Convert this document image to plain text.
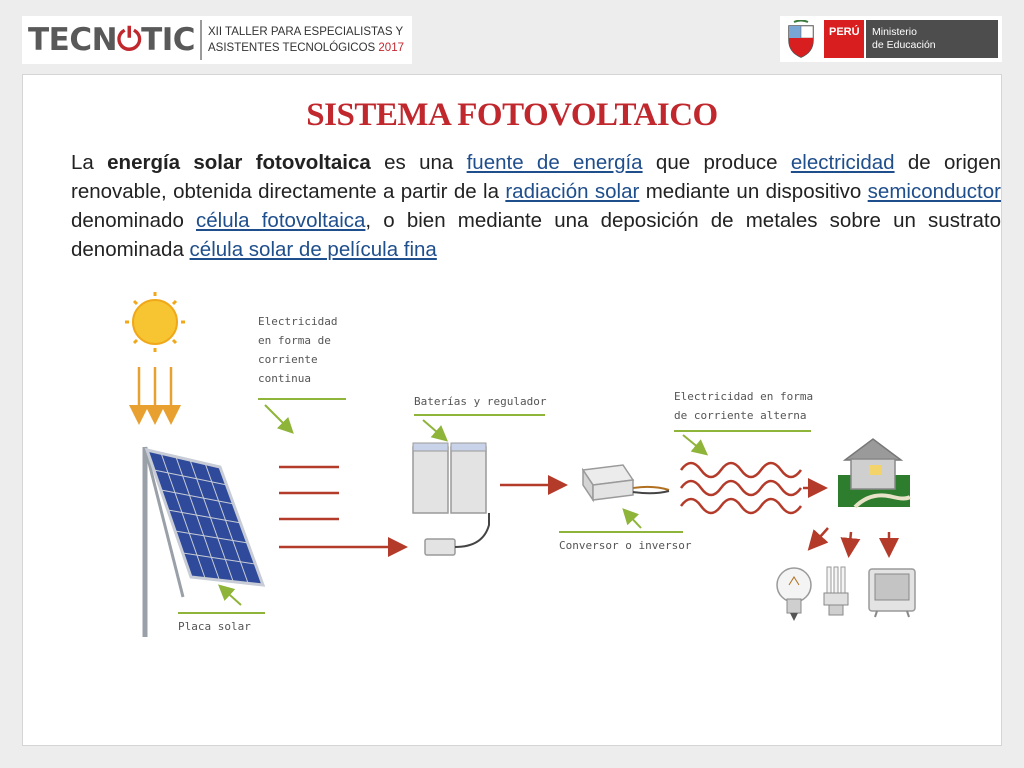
TECN⏻TIC XII TALLER PARA ESPECIALISTAS Y
ASISTENTES TECNOLÓGICOS 2017
PERÚ	Ministerio
de Educación
SISTEMA FOTOVOLTAICO

La energía solar fotovoltaica es una fuente de energía que produce electricidad de origen renovable, obtenida directamente a partir de la radiación solar mediante un dispositivo semiconductor denominado célula fotovoltaica, o bien mediante una deposición de metales sobre un sustrato denominada célula solar de película fina

Electricidad
en forma de
corriente
continua
Placa solar
Baterías y regulador
Conversor o inversor
Electricidad en forma
de corriente alterna
